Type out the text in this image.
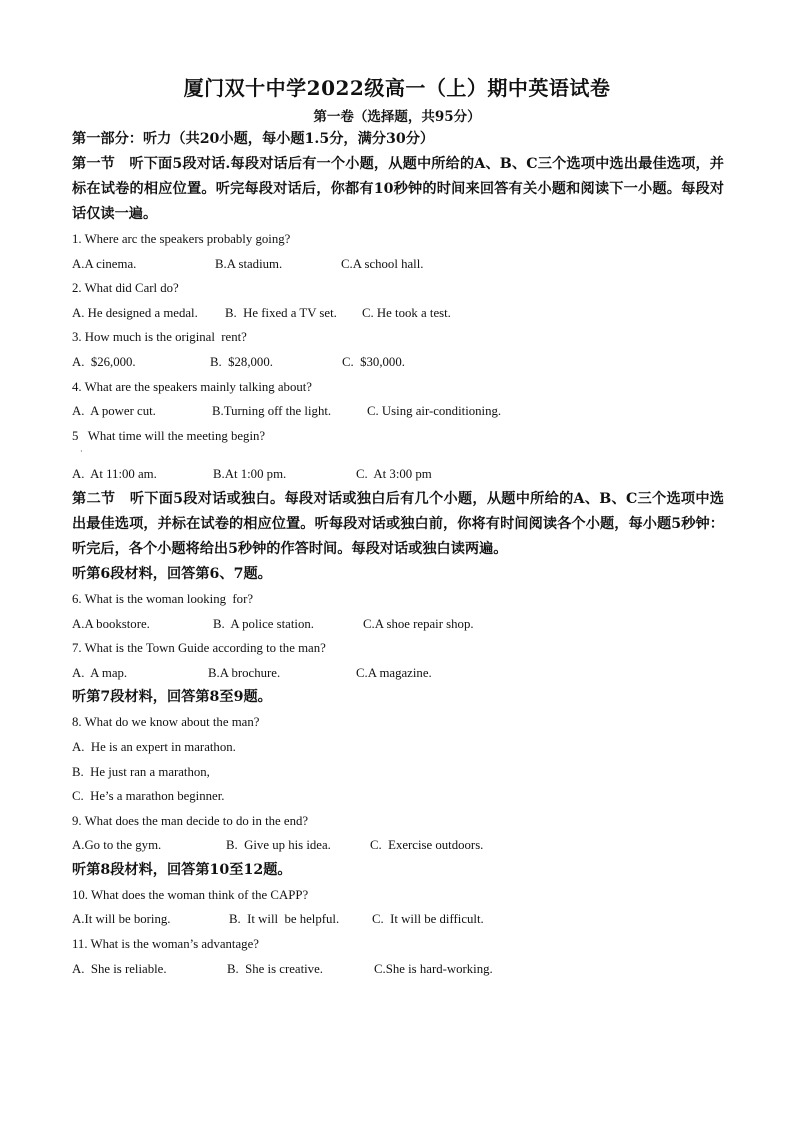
厦门双十中学2022级高一（上）期中英语试卷
第一卷（选择题，共95分）

第一部分：听力（共20小题，每小题1.5分，满分30分）

第一节　听下面5段对话.每段对话后有一个小题，从题中所给的A、B、C三个选项中选出最佳选项，并标在试卷的相应位置。听完每段对话后，你都有10秒钟的时间来回答有关小题和阅读下一小题。每段对话仅读一遍。

1. Where arc the speakers probably going?

A.A cinema.	B.A stadium.	C.A school hall.

2. What did Carl do?

A. He designed a medal.	B.  He fixed a TV set.	C. He took a test.

3. How much is the original  rent?

A.  $26,000.	B.  $28,000.	C.  $30,000.

4. What are the speakers mainly talking about?

A.  A power cut.	B.Turning off the light.	C. Using air-conditioning.

5   What time will the meeting begin?

·
A.  At 11:00 am.	B.At 1:00 pm.	C.  At 3:00 pm

第二节　听下面5段对话或独白。每段对话或独白后有几个小题，从题中所给的A、B、C三个选项中选出最佳选项，并标在试卷的相应位置。听每段对话或独白前，你将有时间阅读各个小题，每小题5秒钟：听完后，各个小题将给出5秒钟的作答时间。每段对话或独白读两遍。

听第6段材料，回答第6、7题。

6. What is the woman looking  for?

A.A bookstore.	B.  A police station.	C.A shoe repair shop.

7. What is the Town Guide according to the man?

A.  A map.	B.A brochure.	C.A magazine.

听第7段材料，回答第8至9题。

8. What do we know about the man?

A.  He is an expert in marathon.

B.  He just ran a marathon,

C.  He’s a marathon beginner.

9. What does the man decide to do in the end?

A.Go to the gym.	B.  Give up his idea.	C.  Exercise outdoors.

听第8段材料，回答第10至12题。

10. What does the woman think of the CAPP?

A.It will be boring.	B.  It will  be helpful.	C.  It will be difficult.

11. What is the woman’s advantage?

A.  She is reliable.	B.  She is creative.	C.She is hard-working.
